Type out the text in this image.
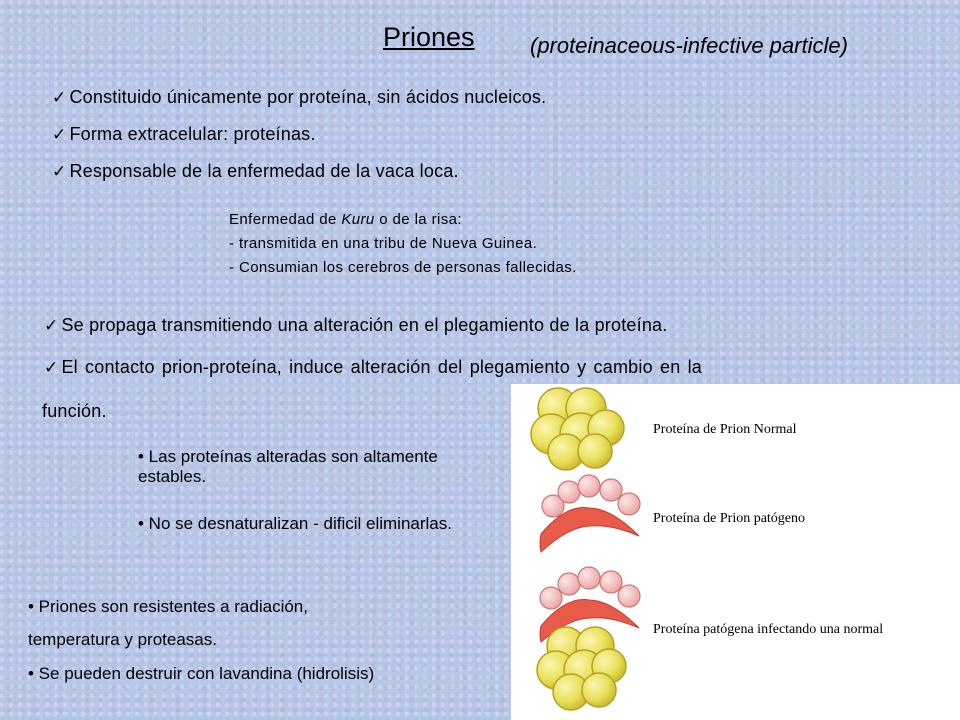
Priones	(proteinaceous-infective particle)
✓ Constituido únicamente por proteína, sin ácidos nucleicos.
✓ Forma extracelular: proteínas.
✓ Responsable de la enfermedad de la vaca loca.
Enfermedad de Kuru o de la risa:
- transmitida en una tribu de Nueva Guinea.
- Consumian los cerebros de personas fallecidas.
✓ Se propaga transmitiendo una alteración en el plegamiento de la proteína.
✓ El contacto prion-proteína, induce alteración del plegamiento y cambio en la
función.
• Las proteínas alteradas son altamente estables.
• No se desnaturalizan - dificil eliminarlas.
• Priones son resistentes a radiación,
temperatura y proteasas.
• Se pueden destruir con lavandina (hidrolisis)
Proteína de Prion Normal
Proteína de Prion patógeno
Proteína patógena infectando una normal
